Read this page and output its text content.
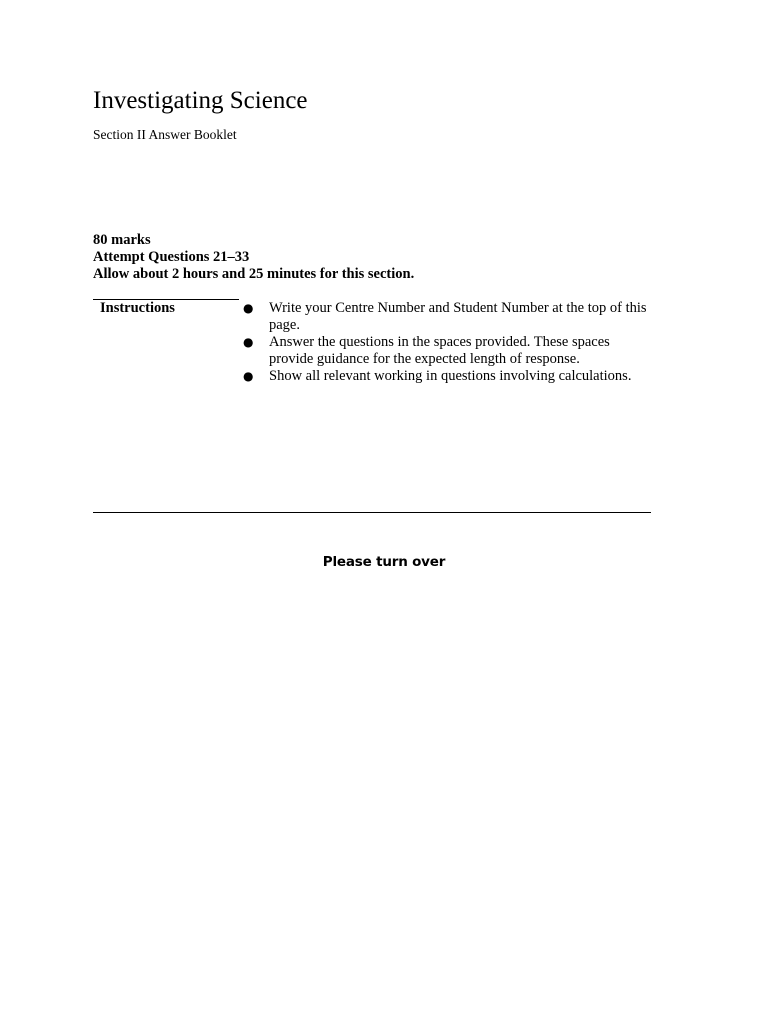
Investigating Science
Section II Answer Booklet
80 marks
Attempt Questions 21–33
Allow about 2 hours and 25 minutes for this section.
Instructions	● Write your Centre Number and Student Number at the top of this page.
● Answer the questions in the spaces provided. These spaces provide guidance for the expected length of response.
● Show all relevant working in questions involving calculations.
Please turn over
